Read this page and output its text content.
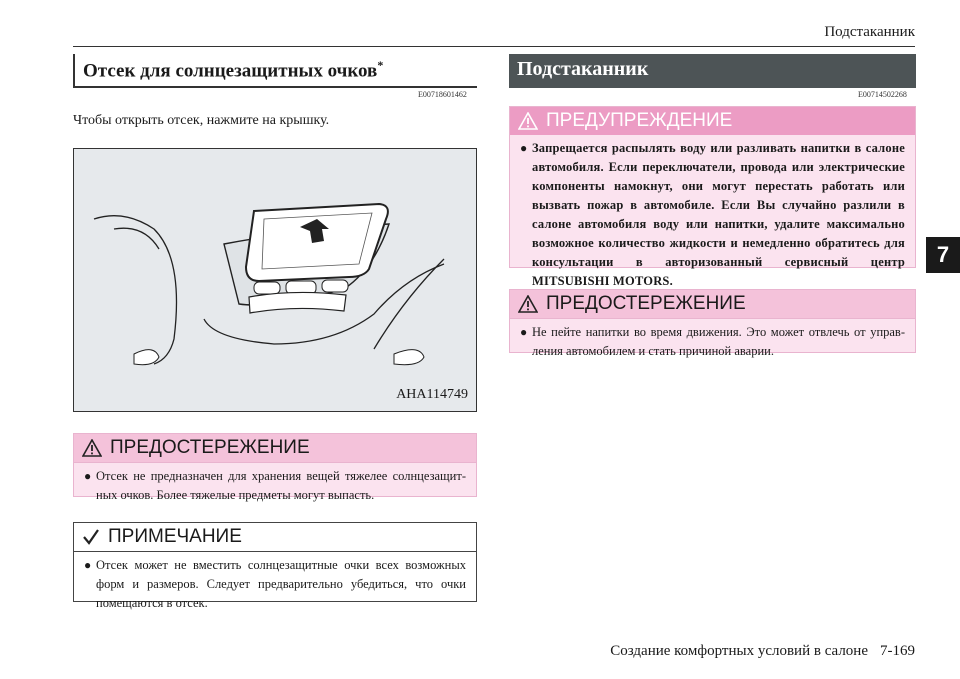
Подстаканник
Отсек для солнцезащитных очков*
E00718601462
Чтобы открыть отсек, нажмите на крышку.
AHA114749
ПРЕДОСТЕРЕЖЕНИЕ
● Отсек не предназначен для хранения вещей тяжелее солнцезащит-ных очков. Более тяжелые предметы могут выпасть.
ПРИМЕЧАНИЕ
● Отсек может не вместить солнцезащитные очки всех возможных форм и размеров. Следует предварительно убедиться, что очки помещаются в отсек.
Подстаканник
E00714502268
ПРЕДУПРЕЖДЕНИЕ
● Запрещается распылять воду или разливать напитки в салоне автомобиля. Если переключатели, провода или электрические компоненты намокнут, они могут перестать работать или вызвать пожар в автомобиле. Если Вы случайно разлили в салоне автомобиля воду или напитки, удалите максимально возможное количество жидкости и немедленно обратитесь для консультации в авторизованный сервисный центр MITSUBISHI MOTORS.
ПРЕДОСТЕРЕЖЕНИЕ
● Не пейте напитки во время движения. Это может отвлечь от управ-ления автомобилем и стать причиной аварии.
7
Создание комфортных условий в салоне 7-169
